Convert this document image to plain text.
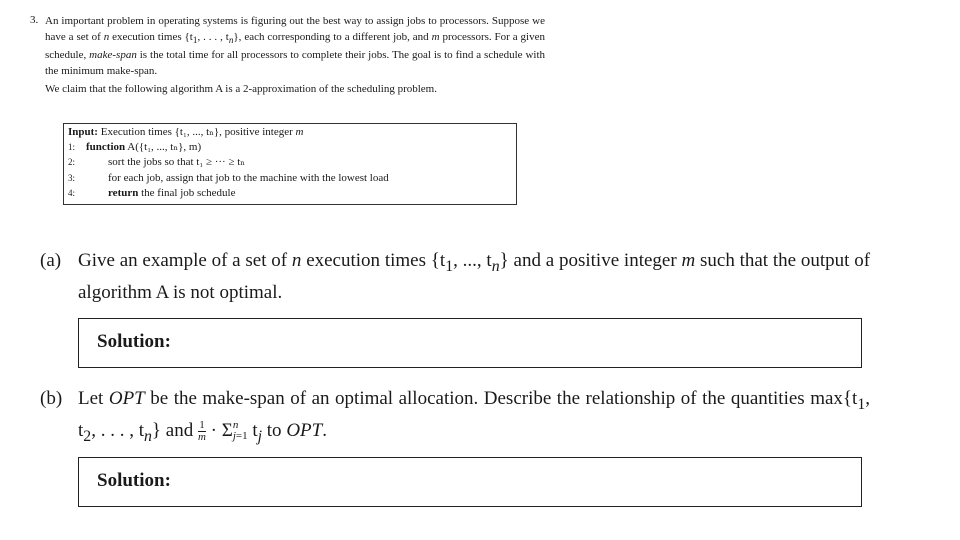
3. An important problem in operating systems is figuring out the best way to assign jobs to processors. Suppose we have a set of n execution times {$t_1$, . . . , $t_n$}, each corresponding to a different job, and m processors. For a given schedule, make-span is the total time for all processors to complete their jobs. The goal is to find a schedule with the minimum make-span.

We claim that the following algorithm A is a 2-approximation of the scheduling problem.

Input: Execution times {t₁, ..., tₙ}, positive integer m
1: function A({t₁, ..., tₙ}, m)
2:	sort the jobs so that t₁ ≥ ··· ≥ tₙ
3:	for each job, assign that job to the machine with the lowest load
4:	return the final job schedule
(a) Give an example of a set of n execution times {$t_1$, ..., $t_n$} and a positive integer m such that the output of algorithm A is not optimal.
Solution:
(b) Let OPT be the make-span of an optimal allocation. Describe the relationship of the quantities $\max\{t_1$, $t_2$, . . . , $t_n$} and $\frac{1}{m} \cdot \Sigma$ n
j=1 $t_j$ to OPT.
Solution:
